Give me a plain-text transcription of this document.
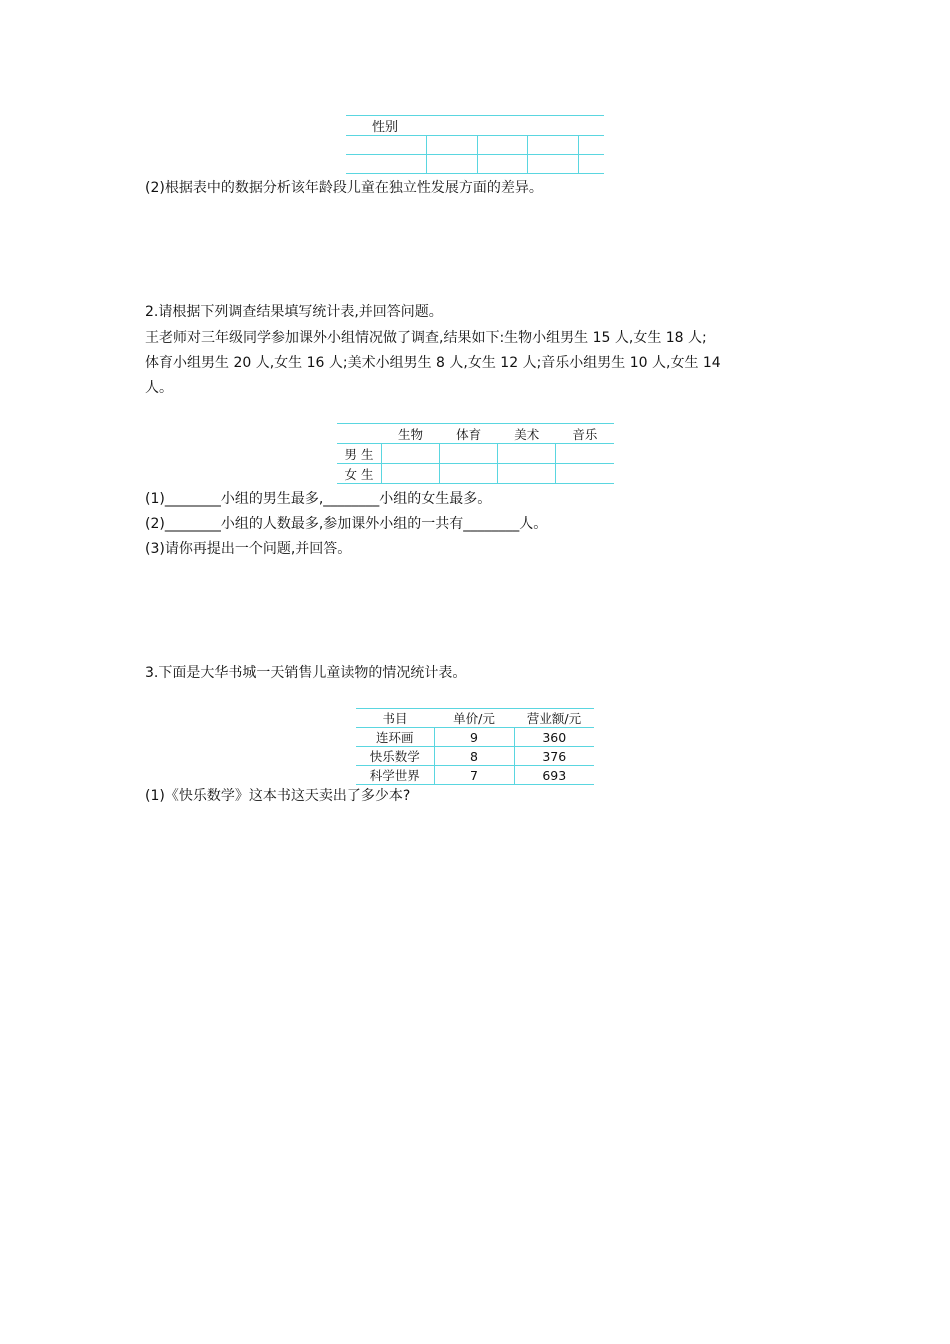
性别				

(2)根据表中的数据分析该年龄段儿童在独立性发展方面的差异。
2.请根据下列调查结果填写统计表,并回答问题。
王老师对三年级同学参加课外小组情况做了调查,结果如下:生物小组男生 15 人,女生 18 人;
体育小组男生 20 人,女生 16 人;美术小组男生 8 人,女生 12 人;音乐小组男生 10 人,女生 14
人。
	生物	体育	美术	音乐
男 生				
女 生				
(1)________小组的男生最多,________小组的女生最多。
(2)________小组的人数最多,参加课外小组的一共有________人。
(3)请你再提出一个问题,并回答。
3.下面是大华书城一天销售儿童读物的情况统计表。
书目	单价/元	营业额/元
连环画	9	360
快乐数学	8	376
科学世界	7	693
(1)《快乐数学》这本书这天卖出了多少本?
